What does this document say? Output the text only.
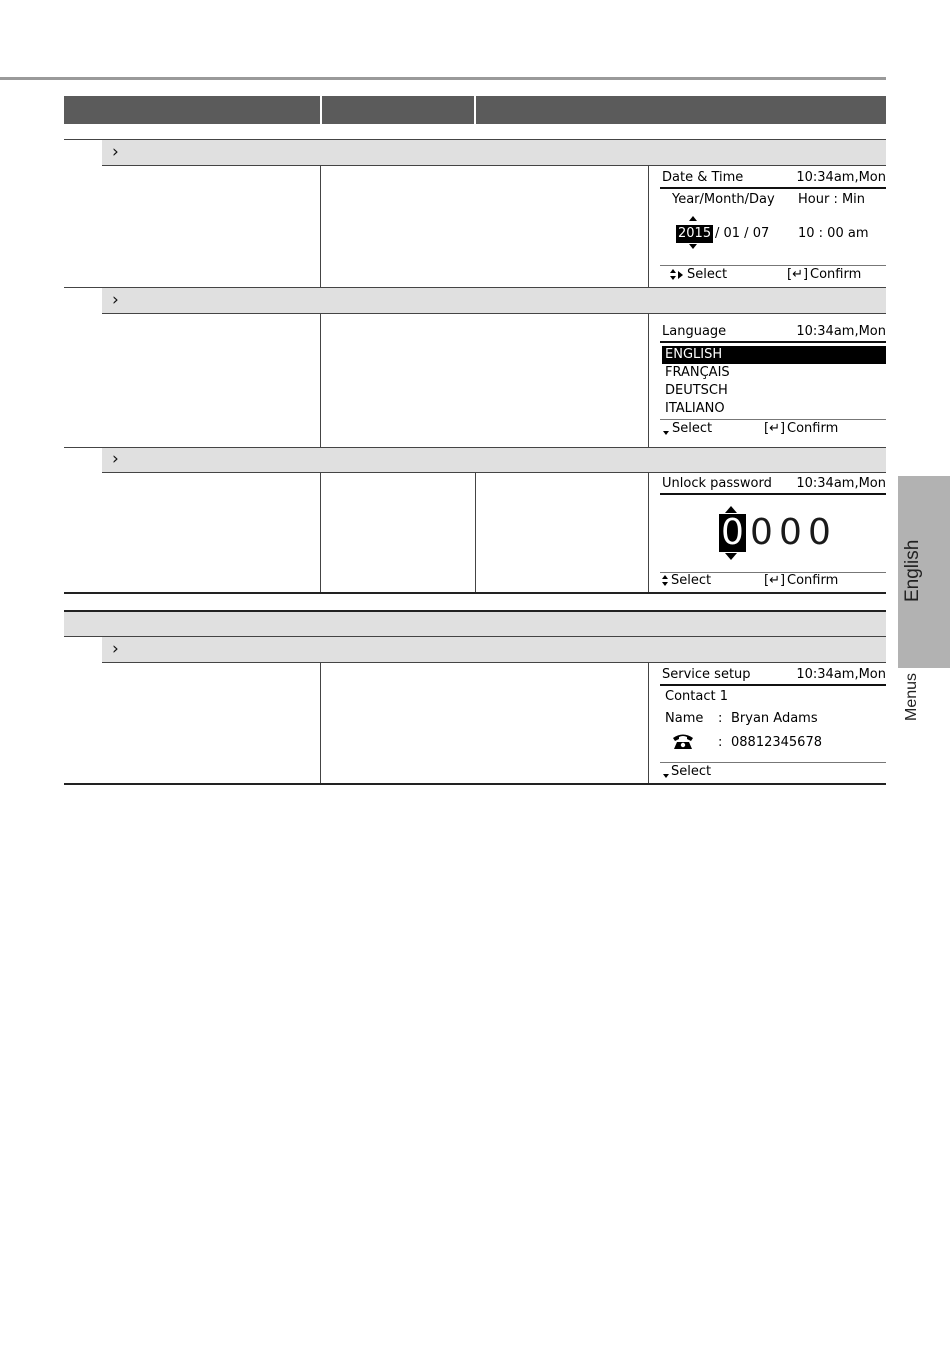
›
Date & Time	10:34am,Mon
Year/Month/Day Hour : Min
2015 / 01 / 07 10 : 00 am
Select	[↵] Confirm
›
Language	10:34am,Mon
ENGLISH
FRANÇAIS
DEUTSCH
ITALIANO
Select	[↵] Confirm
›
Unlock password 10:34am,Mon
0 0 0 0
Select	[↵] Confirm
›
Service setup	10:34am,Mon
Contact 1
Name : Bryan Adams
: 08812345678
Select
English
Menus
